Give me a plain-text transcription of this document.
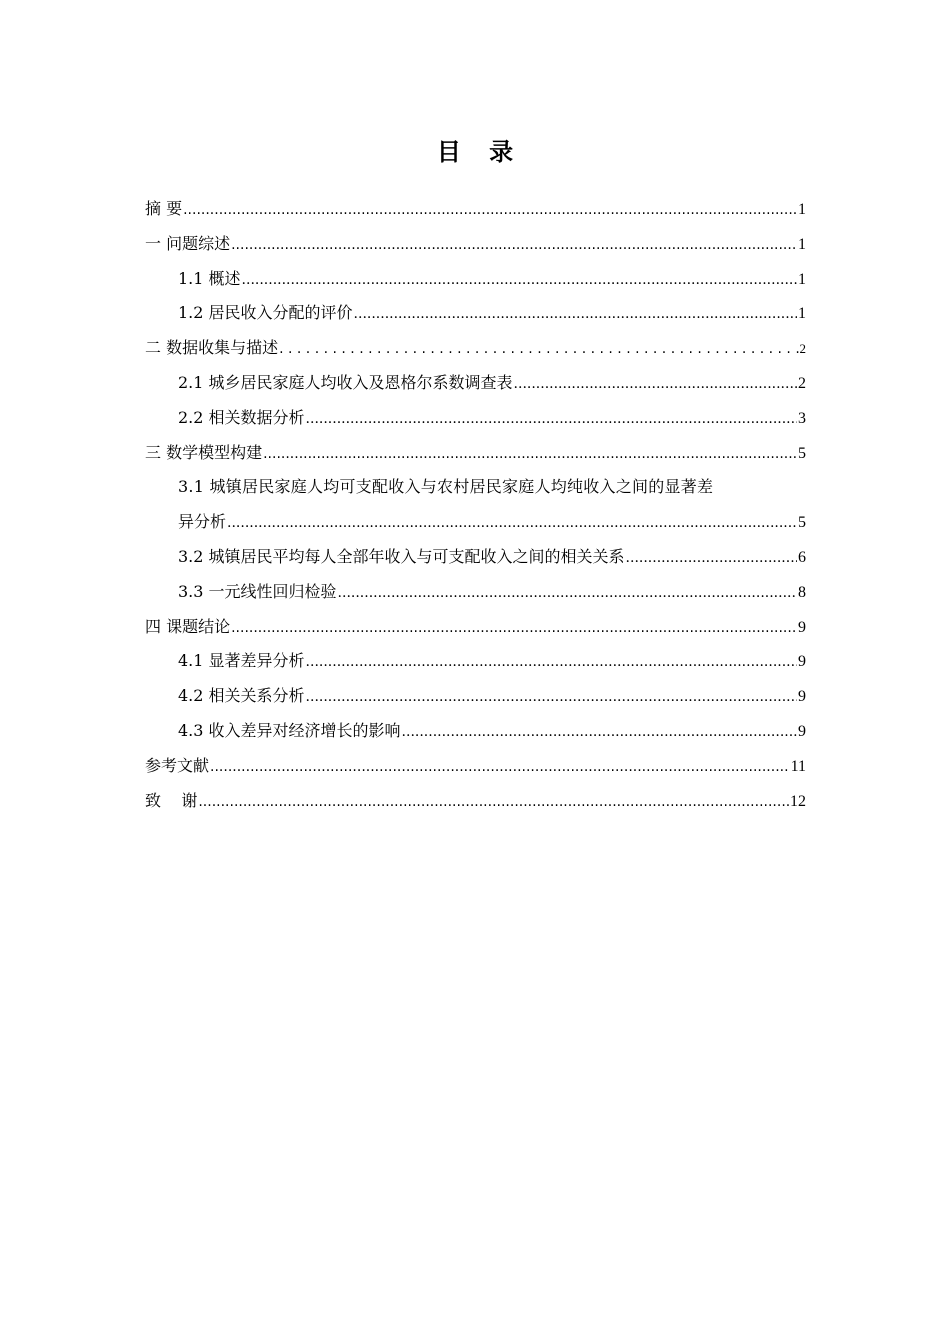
目 录
摘 要 .....	1
一 问题综述 .....	1
1.1 概述 .....	1
1.2 居民收入分配的评价 .....	1
二 数据收集与描述 . . .	2
2.1 城乡居民家庭人均收入及恩格尔系数调查表 .....	2
2.2 相关数据分析 .....	3
三 数学模型构建 .....	5
3.1 城镇居民家庭人均可支配收入与农村居民家庭人均纯收入之间的显著差
异分析 .....	5
3.2 城镇居民平均每人全部年收入与可支配收入之间的相关关系 .....	6
3.3 一元线性回归检验 .....	8
四 课题结论 .....	9
4.1 显著差异分析 .....	9
4.2 相关关系分析 .....	9
4.3 收入差异对经济增长的影响 .....	9
参考文献 .....	11
致    谢 .....	12
